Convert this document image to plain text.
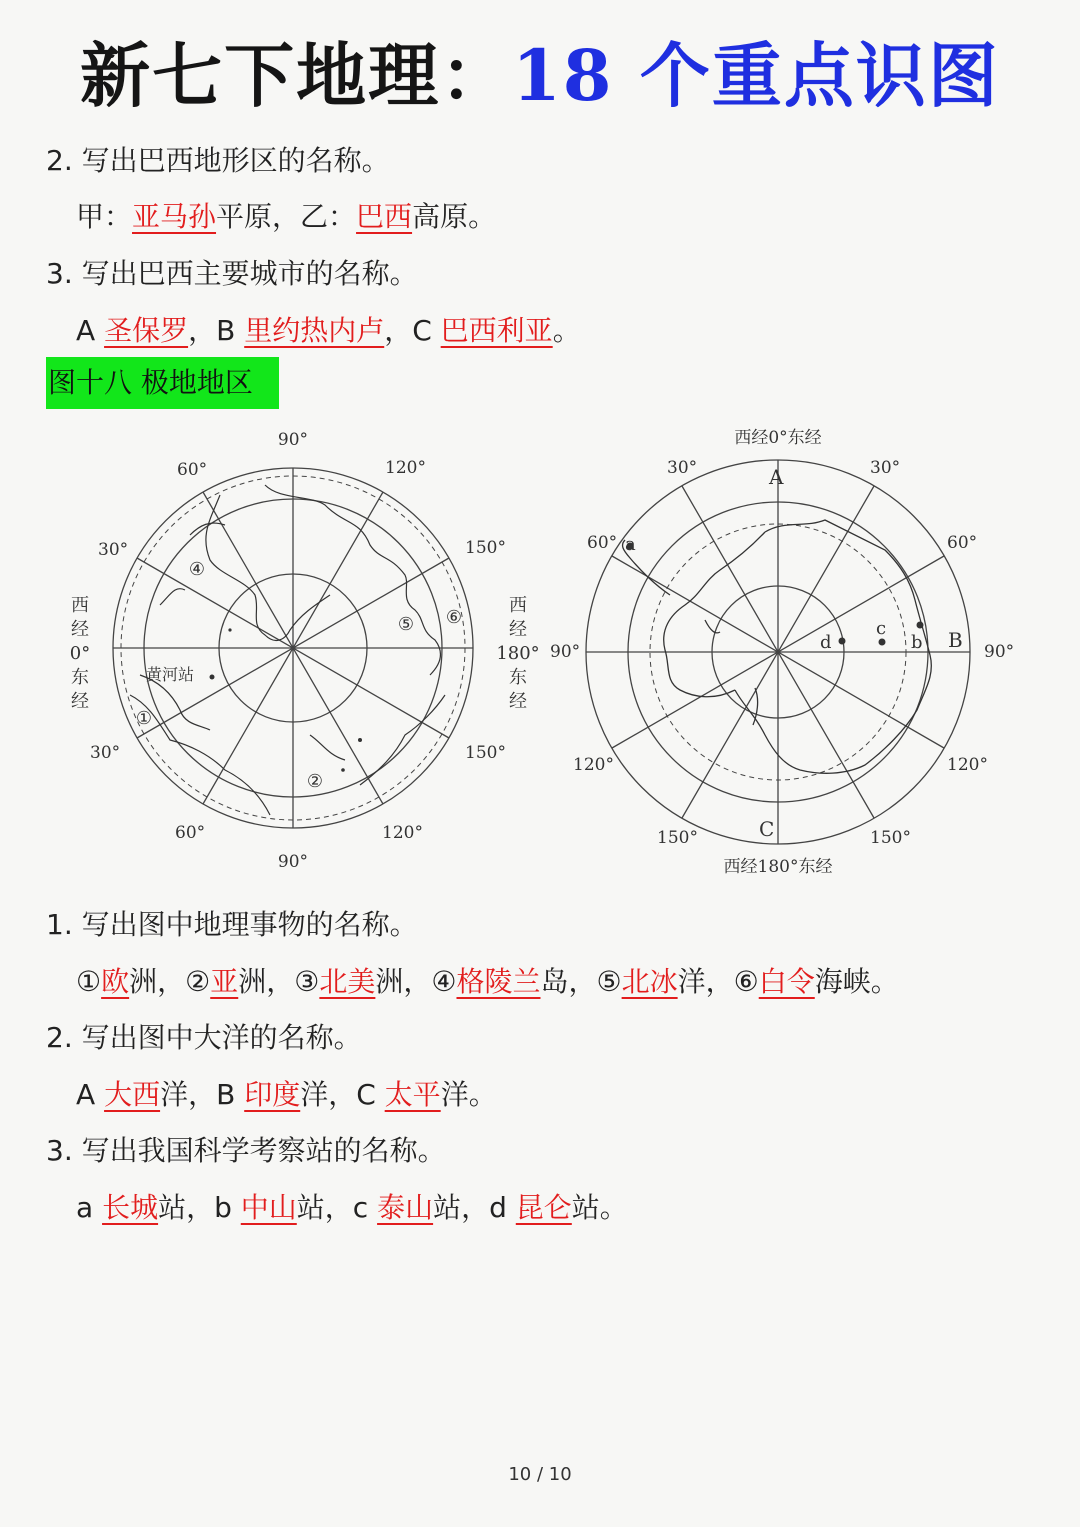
新七下地理：18 个重点识图
2. 写出巴西地形区的名称。
甲：亚马孙平原，乙：巴西高原。
3. 写出巴西主要城市的名称。
A 圣保罗，B 里约热内卢，C 巴西利亚。
图十八 极地地区
90°
90°
60°	120°
30°	150°
30°	150°
60°	120°
西
经
0°
东
经
西
经
180°
东
经
黄河站
①
②
④
⑤ ⑥
西经0°东经
西经180°东经
30°	30°
60°	60°
90°	90°
120°	120°
150°	150°
A
B
C
a
b
c
d
1. 写出图中地理事物的名称。
①欧洲，②亚洲，③北美洲，④格陵兰岛，⑤北冰洋，⑥白令海峡。
2. 写出图中大洋的名称。
A 大西洋，B 印度洋，C 太平洋。
3. 写出我国科学考察站的名称。
a 长城站，b 中山站，c 泰山站，d 昆仑站。
10 / 10
